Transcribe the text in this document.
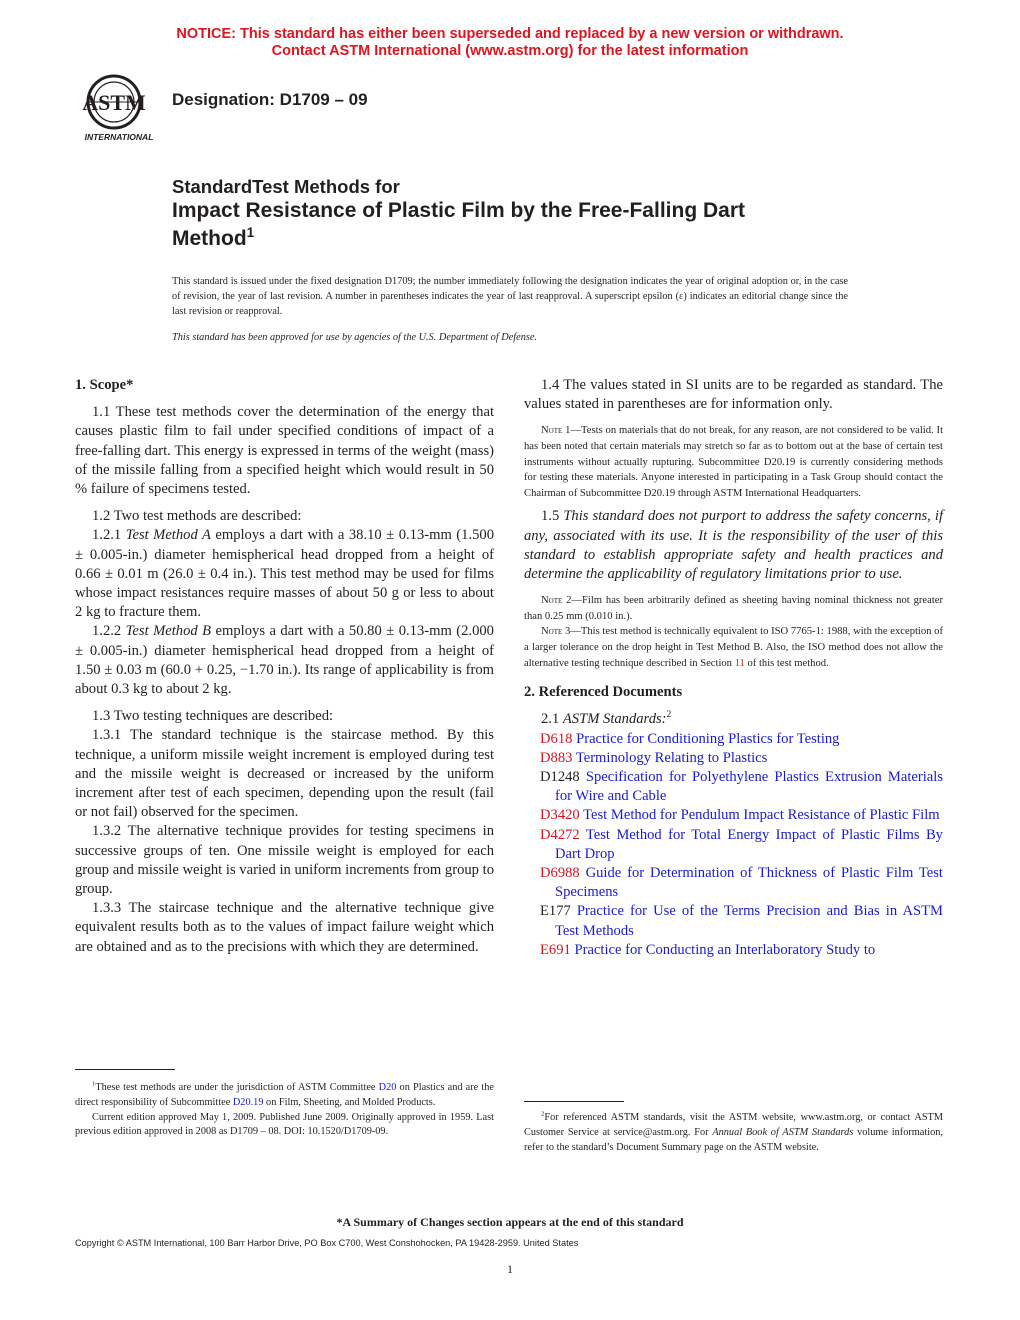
NOTICE: This standard has either been superseded and replaced by a new version or withdrawn.
Contact ASTM International (www.astm.org) for the latest information
ASTM
INTERNATIONAL
Designation: D1709 – 09
StandardTest Methods for
Impact Resistance of Plastic Film by the Free-Falling Dart
Method$^1$
This standard is issued under the fixed designation D1709; the number immediately following the designation indicates the year of original adoption or, in the case of revision, the year of last revision. A number in parentheses indicates the year of last reapproval. A superscript epsilon (ε) indicates an editorial change since the last revision or reapproval.
This standard has been approved for use by agencies of the U.S. Department of Defense.

1. Scope*

1.1 These test methods cover the determination of the energy that causes plastic film to fail under specified conditions of impact of a free-falling dart. This energy is expressed in terms of the weight (mass) of the missile falling from a specified height which would result in 50 % failure of specimens tested.

1.2 Two test methods are described:

1.2.1 Test Method A employs a dart with a 38.10 ± 0.13-mm (1.500 ± 0.005-in.) diameter hemispherical head dropped from a height of 0.66 ± 0.01 m (26.0 ± 0.4 in.). This test method may be used for films whose impact resistances require masses of about 50 g or less to about 2 kg to fracture them.

1.2.2 Test Method B employs a dart with a 50.80 ± 0.13-mm (2.000 ± 0.005-in.) diameter hemispherical head dropped from a height of 1.50 ± 0.03 m (60.0 + 0.25, −1.70 in.). Its range of applicability is from about 0.3 kg to about 2 kg.

1.3 Two testing techniques are described:

1.3.1 The standard technique is the staircase method. By this technique, a uniform missile weight increment is employed during test and the missile weight is decreased or increased by the uniform increment after test of each specimen, depending upon the result (fail or not fail) observed for the specimen.

1.3.2 The alternative technique provides for testing specimens in successive groups of ten. One missile weight is employed for each group and missile weight is varied in uniform increments from group to group.

1.3.3 The staircase technique and the alternative technique give equivalent results both as to the values of impact failure weight which are obtained and as to the precisions with which they are determined.

$^1$These test methods are under the jurisdiction of ASTM Committee D20 on Plastics and are the direct responsibility of Subcommittee D20.19 on Film, Sheeting, and Molded Products.
Current edition approved May 1, 2009. Published June 2009. Originally approved in 1959. Last previous edition approved in 2008 as D1709 – 08. DOI: 10.1520/D1709-09.

1.4 The values stated in SI units are to be regarded as standard. The values stated in parentheses are for information only.

Note 1—Tests on materials that do not break, for any reason, are not considered to be valid. It has been noted that certain materials may stretch so far as to bottom out at the base of certain test instruments without actually rupturing. Subcommittee D20.19 is currently considering methods for testing these materials. Anyone interested in participating in a Task Group should contact the Chairman of Subcommittee D20.19 through ASTM International Headquarters.

1.5 This standard does not purport to address the safety concerns, if any, associated with its use. It is the responsibility of the user of this standard to establish appropriate safety and health practices and determine the applicability of regulatory limitations prior to use.

Note 2—Film has been arbitrarily defined as sheeting having nominal thickness not greater than 0.25 mm (0.010 in.).

Note 3—This test method is technically equivalent to ISO 7765-1: 1988, with the exception of a larger tolerance on the drop height in Test Method B. Also, the ISO method does not allow the alternative testing technique described in Section 11 of this test method.

2. Referenced Documents

2.1 ASTM Standards:$^2$

D618 Practice for Conditioning Plastics for Testing

D883 Terminology Relating to Plastics

D1248 Specification for Polyethylene Plastics Extrusion Materials for Wire and Cable

D3420 Test Method for Pendulum Impact Resistance of Plastic Film

D4272 Test Method for Total Energy Impact of Plastic Films By Dart Drop

D6988 Guide for Determination of Thickness of Plastic Film Test Specimens

E177 Practice for Use of the Terms Precision and Bias in ASTM Test Methods

E691 Practice for Conducting an Interlaboratory Study to

$^2$For referenced ASTM standards, visit the ASTM website, www.astm.org, or contact ASTM Customer Service at service@astm.org. For Annual Book of ASTM Standards volume information, refer to the standard’s Document Summary page on the ASTM website.
*A Summary of Changes section appears at the end of this standard
Copyright © ASTM International, 100 Barr Harbor Drive, PO Box C700, West Conshohocken, PA 19428-2959. United States
1
